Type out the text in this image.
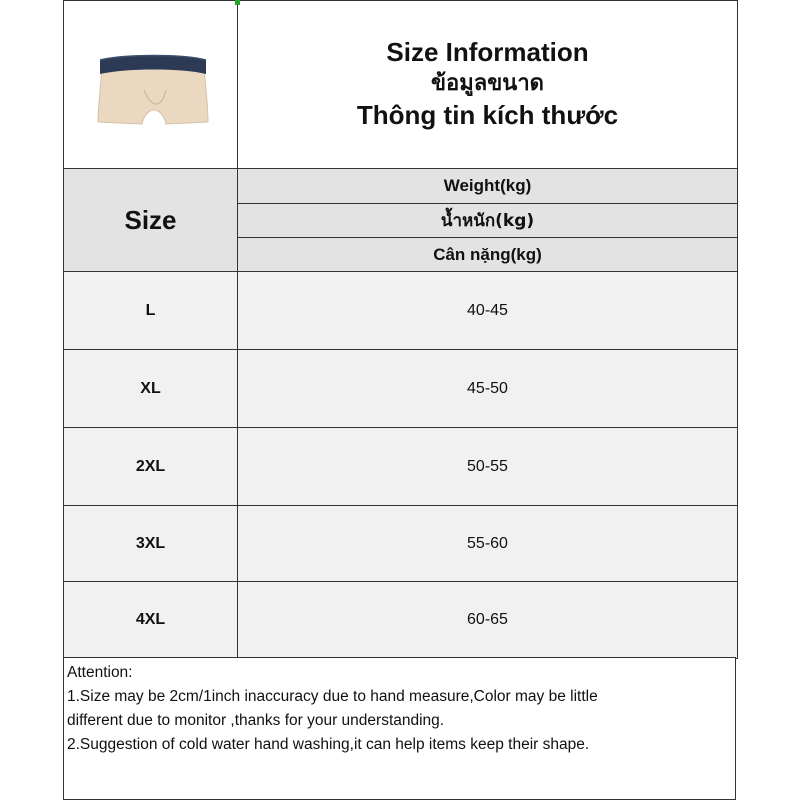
Size Information
ข้อมูลขนาด
Thông tin kích thước
Size
Weight(kg)
น้ำหนัก(kg)
Cân nặng(kg)
L	40-45
XL	45-50
2XL	50-55
3XL	55-60
4XL	60-65
Attention:
1.Size may be 2cm/1inch inaccuracy due to hand measure,Color may be little
different due to monitor ,thanks for your understanding.
2.Suggestion of cold water hand washing,it can help items keep their shape.
